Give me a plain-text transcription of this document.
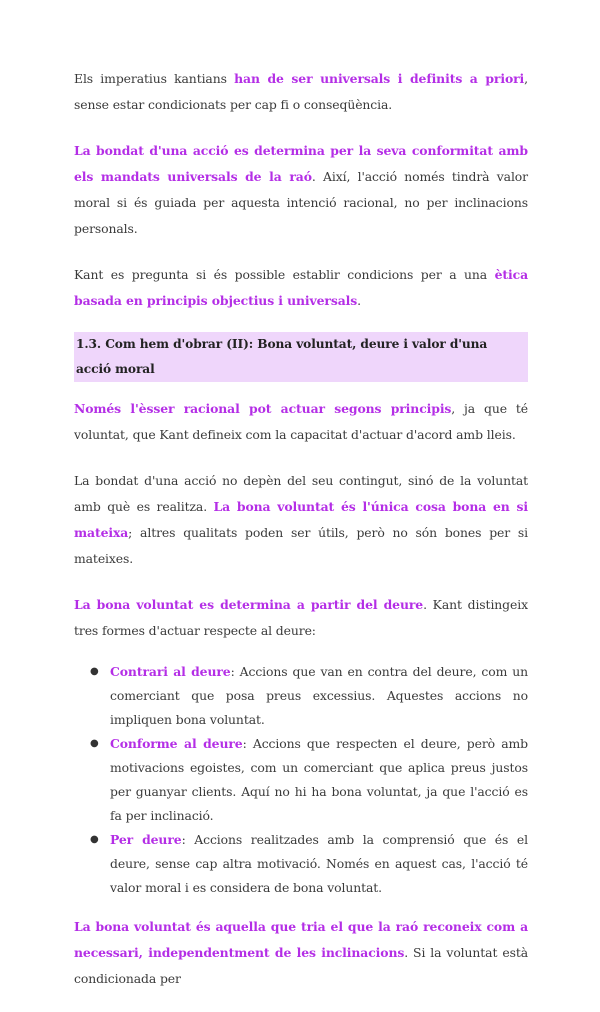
Els imperatius kantians han de ser universals i definits a priori, sense estar condicionats per cap fi o conseqüència.

La bondat d'una acció es determina per la seva conformitat amb els mandats universals de la raó. Així, l'acció només tindrà valor moral si és guiada per aquesta intenció racional, no per inclinacions personals.

Kant es pregunta si és possible establir condicions per a una ètica basada en principis objectius i universals.

1.3. Com hem d'obrar (II): Bona voluntat, deure i valor d'una acció moral

Només l'èsser racional pot actuar segons principis, ja que té voluntat, que Kant defineix com la capacitat d'actuar d'acord amb lleis.

La bondat d'una acció no depèn del seu contingut, sinó de la voluntat amb què es realitza. La bona voluntat és l'única cosa bona en si mateixa; altres qualitats poden ser útils, però no són bones per si mateixes.

La bona voluntat es determina a partir del deure. Kant distingeix tres formes d'actuar respecte al deure:

● Contrari al deure: Accions que van en contra del deure, com un comerciant que posa preus excessius. Aquestes accions no impliquen bona voluntat.
● Conforme al deure: Accions que respecten el deure, però amb motivacions egoistes, com un comerciant que aplica preus justos per guanyar clients. Aquí no hi ha bona voluntat, ja que l'acció es fa per inclinació.
● Per deure: Accions realitzades amb la comprensió que és el deure, sense cap altra motivació. Només en aquest cas, l'acció té valor moral i es considera de bona voluntat.

La bona voluntat és aquella que tria el que la raó reconeix com a necessari, independentment de les inclinacions. Si la voluntat està condicionada per
